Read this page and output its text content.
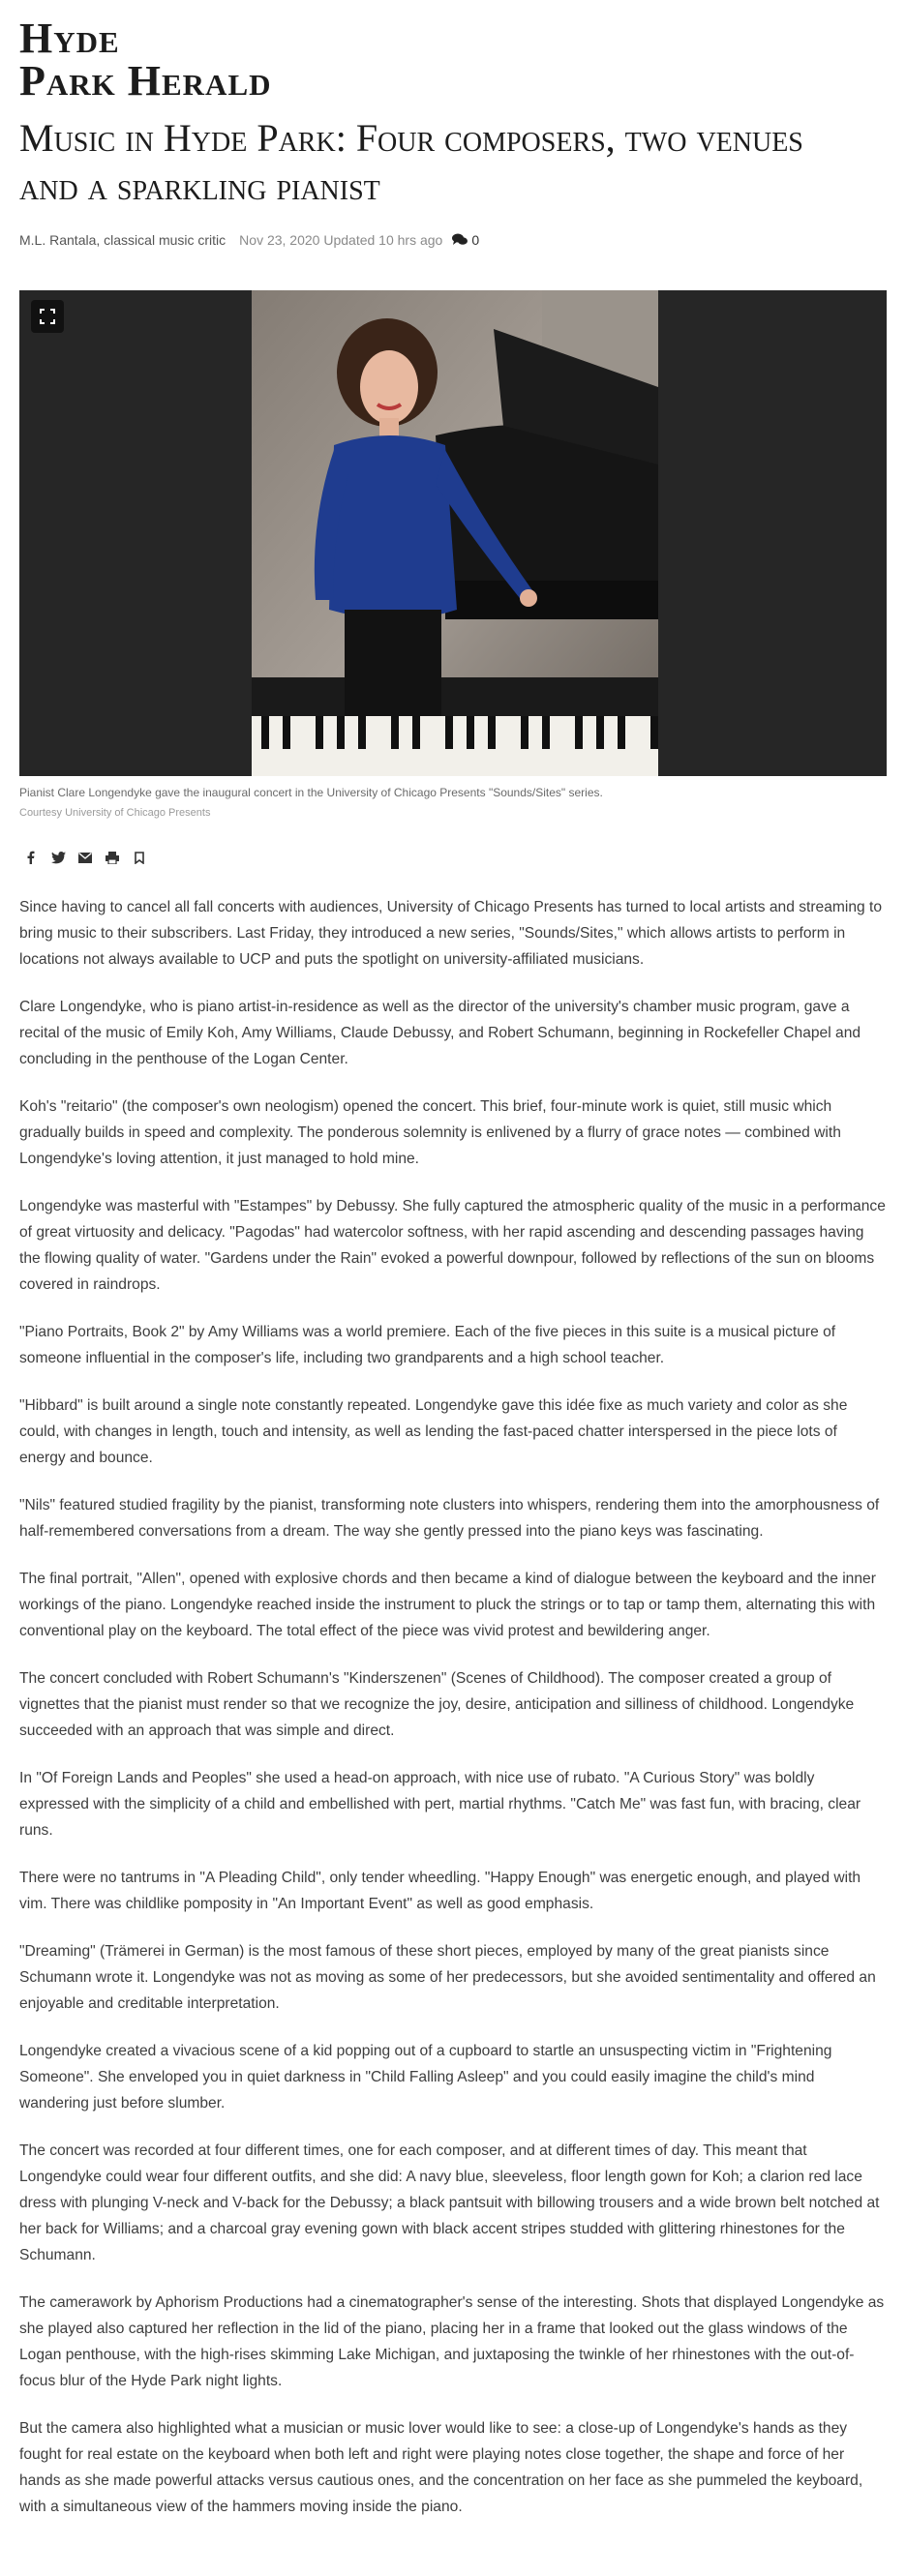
Hyde
Park Herald
Music in Hyde Park: Four composers, two venues and a sparkling pianist
M.L. Rantala, classical music critic Nov 23, 2020 Updated 10 hrs ago 0
Pianist Clare Longendyke gave the inaugural concert in the University of Chicago Presents "Sounds/Sites" series.
Courtesy University of Chicago Presents

Since having to cancel all fall concerts with audiences, University of Chicago Presents has turned to local artists and streaming to bring music to their subscribers. Last Friday, they introduced a new series, "Sounds/Sites," which allows artists to perform in locations not always available to UCP and puts the spotlight on university-affiliated musicians.

Clare Longendyke, who is piano artist-in-residence as well as the director of the university's chamber music program, gave a recital of the music of Emily Koh, Amy Williams, Claude Debussy, and Robert Schumann, beginning in Rockefeller Chapel and concluding in the penthouse of the Logan Center.

Koh's "reitario" (the composer's own neologism) opened the concert. This brief, four-minute work is quiet, still music which gradually builds in speed and complexity. The ponderous solemnity is enlivened by a flurry of grace notes — combined with Longendyke's loving attention, it just managed to hold mine.

Longendyke was masterful with "Estampes" by Debussy. She fully captured the atmospheric quality of the music in a performance of great virtuosity and delicacy. "Pagodas" had watercolor softness, with her rapid ascending and descending passages having the flowing quality of water. "Gardens under the Rain" evoked a powerful downpour, followed by reflections of the sun on blooms covered in raindrops.

"Piano Portraits, Book 2" by Amy Williams was a world premiere. Each of the five pieces in this suite is a musical picture of someone influential in the composer's life, including two grandparents and a high school teacher.

"Hibbard" is built around a single note constantly repeated. Longendyke gave this idée fixe as much variety and color as she could, with changes in length, touch and intensity, as well as lending the fast-paced chatter interspersed in the piece lots of energy and bounce.

"Nils" featured studied fragility by the pianist, transforming note clusters into whispers, rendering them into the amorphousness of half-remembered conversations from a dream. The way she gently pressed into the piano keys was fascinating.

The final portrait, "Allen", opened with explosive chords and then became a kind of dialogue between the keyboard and the inner workings of the piano. Longendyke reached inside the instrument to pluck the strings or to tap or tamp them, alternating this with conventional play on the keyboard. The total effect of the piece was vivid protest and bewildering anger.

The concert concluded with Robert Schumann's "Kinderszenen" (Scenes of Childhood). The composer created a group of vignettes that the pianist must render so that we recognize the joy, desire, anticipation and silliness of childhood. Longendyke succeeded with an approach that was simple and direct.

In "Of Foreign Lands and Peoples" she used a head-on approach, with nice use of rubato. "A Curious Story" was boldly expressed with the simplicity of a child and embellished with pert, martial rhythms. "Catch Me" was fast fun, with bracing, clear runs.

There were no tantrums in "A Pleading Child", only tender wheedling. "Happy Enough" was energetic enough, and played with vim. There was childlike pomposity in "An Important Event" as well as good emphasis.

"Dreaming" (Trämerei in German) is the most famous of these short pieces, employed by many of the great pianists since Schumann wrote it. Longendyke was not as moving as some of her predecessors, but she avoided sentimentality and offered an enjoyable and creditable interpretation.

Longendyke created a vivacious scene of a kid popping out of a cupboard to startle an unsuspecting victim in "Frightening Someone". She enveloped you in quiet darkness in "Child Falling Asleep" and you could easily imagine the child's mind wandering just before slumber.

The concert was recorded at four different times, one for each composer, and at different times of day. This meant that Longendyke could wear four different outfits, and she did: A navy blue, sleeveless, floor length gown for Koh; a clarion red lace dress with plunging V-neck and V-back for the Debussy; a black pantsuit with billowing trousers and a wide brown belt notched at her back for Williams; and a charcoal gray evening gown with black accent stripes studded with glittering rhinestones for the Schumann.

The camerawork by Aphorism Productions had a cinematographer's sense of the interesting. Shots that displayed Longendyke as she played also captured her reflection in the lid of the piano, placing her in a frame that looked out the glass windows of the Logan penthouse, with the high-rises skimming Lake Michigan, and juxtaposing the twinkle of her rhinestones with the out-of-focus blur of the Hyde Park night lights.

But the camera also highlighted what a musician or music lover would like to see: a close-up of Longendyke's hands as they fought for real estate on the keyboard when both left and right were playing notes close together, the shape and force of her hands as she made powerful attacks versus cautious ones, and the concentration on her face as she pummeled the keyboard, with a simultaneous view of the hammers moving inside the piano.
